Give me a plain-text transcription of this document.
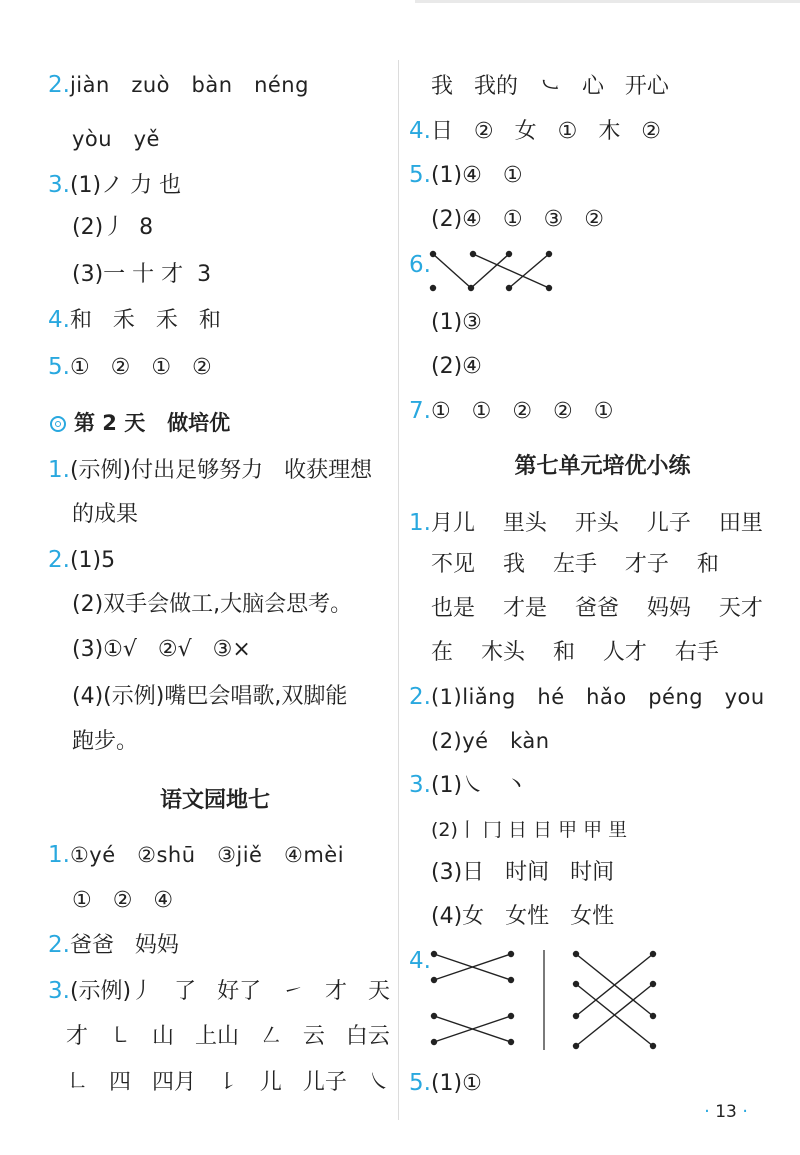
2.jiàn   zuò   bàn   néng
yòu   yě
3.(1)ノ 力 也
(2)丿  8
(3)一 十 才  3
4.和   禾   禾   和
5.①   ②   ①   ②
第 2 天   做培优
1.(示例)付出足够努力   收获理想
的成果
2.(1)5
(2)双手会做工,大脑会思考。
(3)①√   ②√   ③×
(4)(示例)嘴巴会唱歌,双脚能
跑步。
语文园地七
1.①yé   ②shū   ③jiě   ④mèi
①   ②   ④
2.爸爸   妈妈
3.(示例)丿   了   好了   ㇀   才   天
才   ㇄   山   上山   ㇜   云   白云
㇗   四   四月   ㇙   儿   儿子   ㇏
我   我的   ㇃   心   开心
4.日   ②   女   ①   木   ②
5.(1)④   ①
(2)④   ①   ③   ②
6.
(1)③
(2)④
7.①   ①   ②   ②   ①
第七单元培优小练
1.月儿    里头    开头    儿子    田里
不见    我    左手    才子    和
也是    才是    爸爸    妈妈    天才
在    木头    和    人才    右手
2.(1)liǎng   hé   hǎo   péng   you
(2)yé   kàn
3.(1)㇏   丶
(2)丨 冂 日 日 甲 甲 里
(3)日   时间   时间
(4)女   女性   女性
4.
5.(1)①
· 13 ·
